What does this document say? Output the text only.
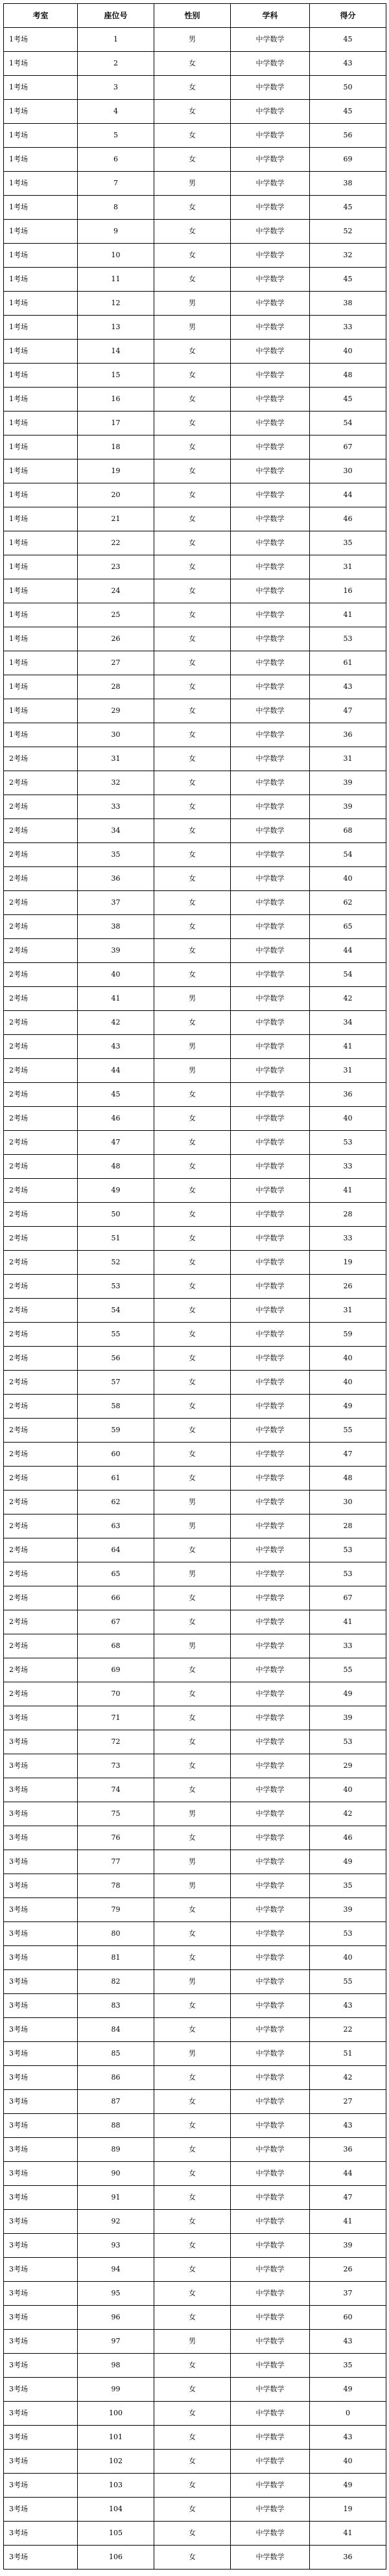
考室	座位号	性别	学科	得分
1考场	1	男	中学数学	45
1考场	2	女	中学数学	43
1考场	3	女	中学数学	50
1考场	4	女	中学数学	45
1考场	5	女	中学数学	56
1考场	6	女	中学数学	69
1考场	7	男	中学数学	38
1考场	8	女	中学数学	45
1考场	9	女	中学数学	52
1考场	10	女	中学数学	32
1考场	11	女	中学数学	45
1考场	12	男	中学数学	38
1考场	13	男	中学数学	33
1考场	14	女	中学数学	40
1考场	15	女	中学数学	48
1考场	16	女	中学数学	45
1考场	17	女	中学数学	54
1考场	18	女	中学数学	67
1考场	19	女	中学数学	30
1考场	20	女	中学数学	44
1考场	21	女	中学数学	46
1考场	22	女	中学数学	35
1考场	23	女	中学数学	31
1考场	24	女	中学数学	16
1考场	25	女	中学数学	41
1考场	26	女	中学数学	53
1考场	27	女	中学数学	61
1考场	28	女	中学数学	43
1考场	29	女	中学数学	47
1考场	30	女	中学数学	36
2考场	31	女	中学数学	31
2考场	32	女	中学数学	39
2考场	33	女	中学数学	39
2考场	34	女	中学数学	68
2考场	35	女	中学数学	54
2考场	36	女	中学数学	40
2考场	37	女	中学数学	62
2考场	38	女	中学数学	65
2考场	39	女	中学数学	44
2考场	40	女	中学数学	54
2考场	41	男	中学数学	42
2考场	42	女	中学数学	34
2考场	43	男	中学数学	41
2考场	44	男	中学数学	31
2考场	45	女	中学数学	36
2考场	46	女	中学数学	40
2考场	47	女	中学数学	53
2考场	48	女	中学数学	33
2考场	49	女	中学数学	41
2考场	50	女	中学数学	28
2考场	51	女	中学数学	33
2考场	52	女	中学数学	19
2考场	53	女	中学数学	26
2考场	54	女	中学数学	31
2考场	55	女	中学数学	59
2考场	56	女	中学数学	40
2考场	57	女	中学数学	40
2考场	58	女	中学数学	49
2考场	59	女	中学数学	55
2考场	60	女	中学数学	47
2考场	61	女	中学数学	48
2考场	62	男	中学数学	30
2考场	63	男	中学数学	28
2考场	64	女	中学数学	53
2考场	65	男	中学数学	53
2考场	66	女	中学数学	67
2考场	67	女	中学数学	41
2考场	68	男	中学数学	33
2考场	69	女	中学数学	55
2考场	70	女	中学数学	49
3考场	71	女	中学数学	39
3考场	72	女	中学数学	53
3考场	73	女	中学数学	29
3考场	74	女	中学数学	40
3考场	75	男	中学数学	42
3考场	76	女	中学数学	46
3考场	77	男	中学数学	49
3考场	78	男	中学数学	35
3考场	79	女	中学数学	39
3考场	80	女	中学数学	53
3考场	81	女	中学数学	40
3考场	82	男	中学数学	55
3考场	83	女	中学数学	43
3考场	84	女	中学数学	22
3考场	85	男	中学数学	51
3考场	86	女	中学数学	42
3考场	87	女	中学数学	27
3考场	88	女	中学数学	43
3考场	89	女	中学数学	36
3考场	90	女	中学数学	44
3考场	91	女	中学数学	47
3考场	92	女	中学数学	41
3考场	93	女	中学数学	39
3考场	94	女	中学数学	26
3考场	95	女	中学数学	37
3考场	96	女	中学数学	60
3考场	97	男	中学数学	43
3考场	98	女	中学数学	35
3考场	99	女	中学数学	49
3考场	100	女	中学数学	0
3考场	101	女	中学数学	43
3考场	102	女	中学数学	40
3考场	103	女	中学数学	49
3考场	104	女	中学数学	19
3考场	105	女	中学数学	41
3考场	106	女	中学数学	36
